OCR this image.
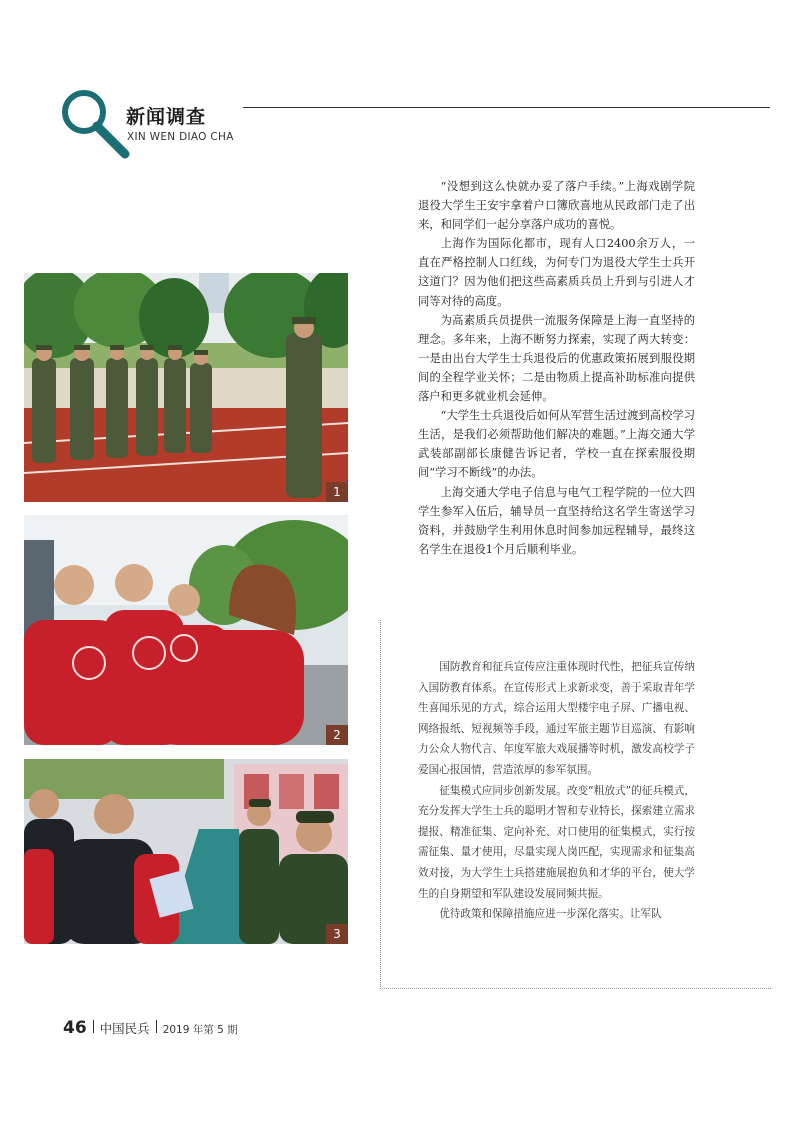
新闻调查
XIN WEN DIAO CHA
1
2
3

“没想到这么快就办妥了落户手续。”上海戏剧学院退役大学生王安宇拿着户口簿欣喜地从民政部门走了出来，和同学们一起分享落户成功的喜悦。

上海作为国际化都市，现有人口2400余万人，一直在严格控制人口红线，为何专门为退役大学生士兵开这道门？因为他们把这些高素质兵员上升到与引进人才同等对待的高度。

为高素质兵员提供一流服务保障是上海一直坚持的理念。多年来，上海不断努力探索，实现了两大转变：一是由出台大学生士兵退役后的优惠政策拓展到服役期间的全程学业关怀；二是由物质上提高补助标准向提供落户和更多就业机会延伸。

“大学生士兵退役后如何从军营生活过渡到高校学习生活，是我们必须帮助他们解决的难题。”上海交通大学武装部副部长康健告诉记者，学校一直在探索服役期间“学习不断线”的办法。

上海交通大学电子信息与电气工程学院的一位大四学生参军入伍后，辅导员一直坚持给这名学生寄送学习资料，并鼓励学生利用休息时间参加远程辅导，最终这名学生在退役1个月后顺利毕业。

国防教育和征兵宣传应注重体现时代性，把征兵宣传纳入国防教育体系。在宣传形式上求新求变，善于采取青年学生喜闻乐见的方式，综合运用大型楼宇电子屏、广播电视、网络报纸、短视频等手段，通过军旅主题节目巡演、有影响力公众人物代言、年度军旅大戏展播等时机，激发高校学子爱国心报国情，营造浓厚的参军氛围。

征集模式应同步创新发展。改变“粗放式”的征兵模式，充分发挥大学生士兵的聪明才智和专业特长，探索建立需求提报、精准征集、定向补充、对口使用的征集模式，实行按需征集、量才使用，尽量实现人岗匹配，实现需求和征集高效对接，为大学生士兵搭建施展抱负和才华的平台，使大学生的自身期望和军队建设发展同频共振。

优待政策和保障措施应进一步深化落实。让军队

46 中国民兵 2019 年第 5 期
